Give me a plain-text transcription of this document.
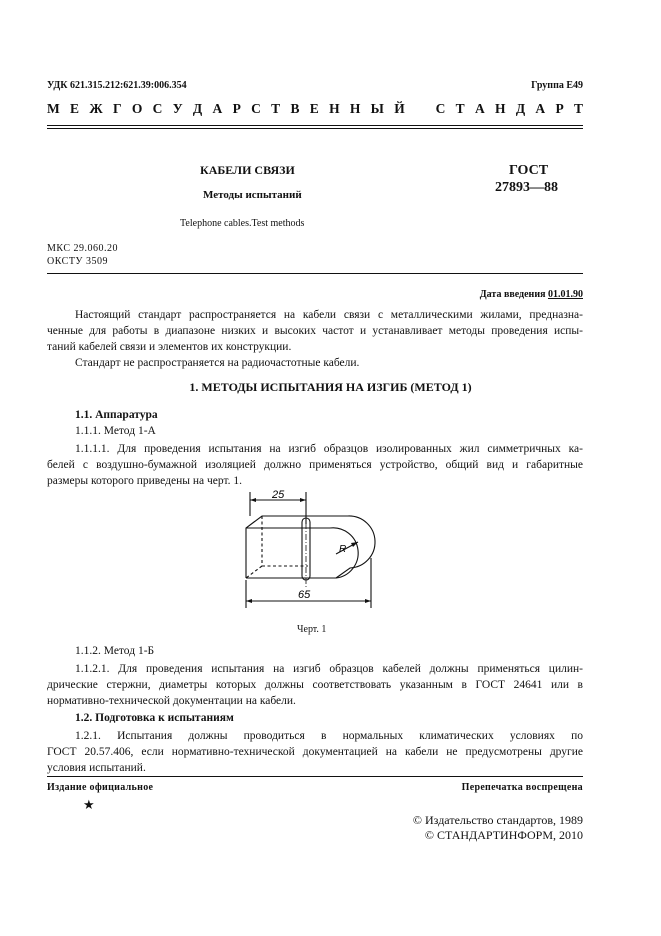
УДК 621.315.212:621.39:006.354	Группа Е49
М Е Ж Г О С У Д А Р С Т В Е Н Н Ы Й   С Т А Н Д А Р Т
КАБЕЛИ СВЯЗИ
Методы испытаний
Telephone cables.Test methods
ГОСТ
27893—88
МКС 29.060.20
ОКСТУ 3509
Дата введения 01.01.90
Настоящий стандарт распространяется на кабели связи с металлическими жилами, предназна-
ченные для работы в диапазоне низких и высоких частот и устанавливает методы проведения испы-
таний кабелей связи и элементов их конструкции.
Стандарт не распространяется на радиочастотные кабели.
1. МЕТОДЫ ИСПЫТАНИЯ НА ИЗГИБ (МЕТОД 1)
1.1. Аппаратура
1.1.1. Метод 1-А
1.1.1.1. Для проведения испытания на изгиб образцов изолированных жил симметричных ка-
белей с воздушно-бумажной изоляцией должно применяться устройство, общий вид и габаритные
размеры которого приведены на черт. 1.
25
R
65
Черт. 1
1.1.2. Метод 1-Б
1.1.2.1. Для проведения испытания на изгиб образцов кабелей должны применяться цилин-
дрические стержни, диаметры которых должны соответствовать указанным в ГОСТ 24641 или в
нормативно-технической документации на кабели.
1.2. Подготовка к испытаниям
1.2.1. Испытания должны проводиться в нормальных климатических условиях по
ГОСТ 20.57.406, если нормативно-технической документацией на кабели не предусмотрены другие
условия испытаний.
Издание официальное	Перепечатка воспрещена
★
© Издательство стандартов, 1989
© СТАНДАРТИНФОРМ, 2010
